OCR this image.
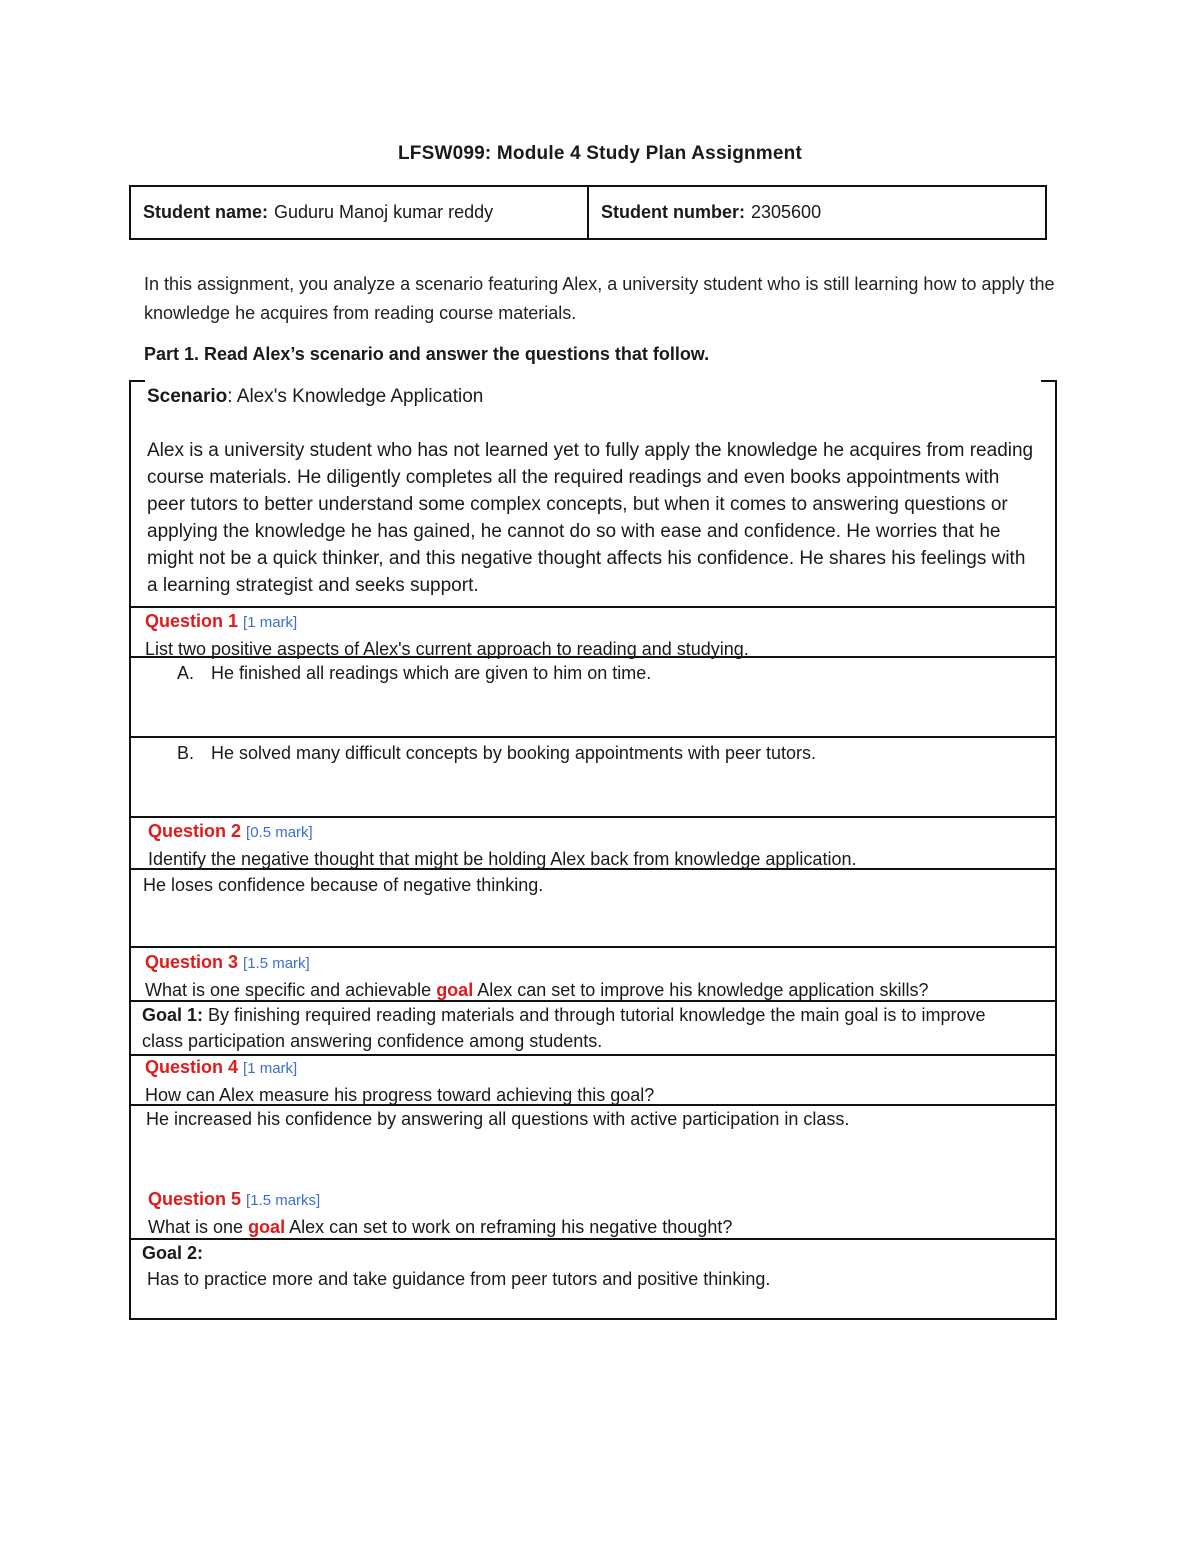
LFSW099: Module 4 Study Plan Assignment
Student name: Guduru Manoj kumar reddy	Student number: 2305600
In this assignment, you analyze a scenario featuring Alex, a university student who is still learning how to apply the knowledge he acquires from reading course materials.
Part 1. Read Alex’s scenario and answer the questions that follow.

Scenario: Alex's Knowledge Application

Alex is a university student who has not learned yet to fully apply the knowledge he acquires from reading course materials. He diligently completes all the required readings and even books appointments with peer tutors to better understand some complex concepts, but when it comes to answering questions or applying the knowledge he has gained, he cannot do so with ease and confidence. He worries that he might not be a quick thinker, and this negative thought affects his confidence. He shares his feelings with a learning strategist and seeks support.

Question 1 [1 mark]
List two positive aspects of Alex's current approach to reading and studying.
A. He finished all readings which are given to him on time.
B. He solved many difficult concepts by booking appointments with peer tutors.
Question 2 [0.5 mark]
Identify the negative thought that might be holding Alex back from knowledge application.
He loses confidence because of negative thinking.
Question 3 [1.5 mark]
What is one specific and achievable goal Alex can set to improve his knowledge application skills?
Goal 1: By finishing required reading materials and through tutorial knowledge the main goal is to improve class participation answering confidence among students.
Question 4 [1 mark]
How can Alex measure his progress toward achieving this goal?
He increased his confidence by answering all questions with active participation in class.
Question 5 [1.5 marks]
What is one goal Alex can set to work on reframing his negative thought?
Goal 2:
Has to practice more and take guidance from peer tutors and positive thinking.
